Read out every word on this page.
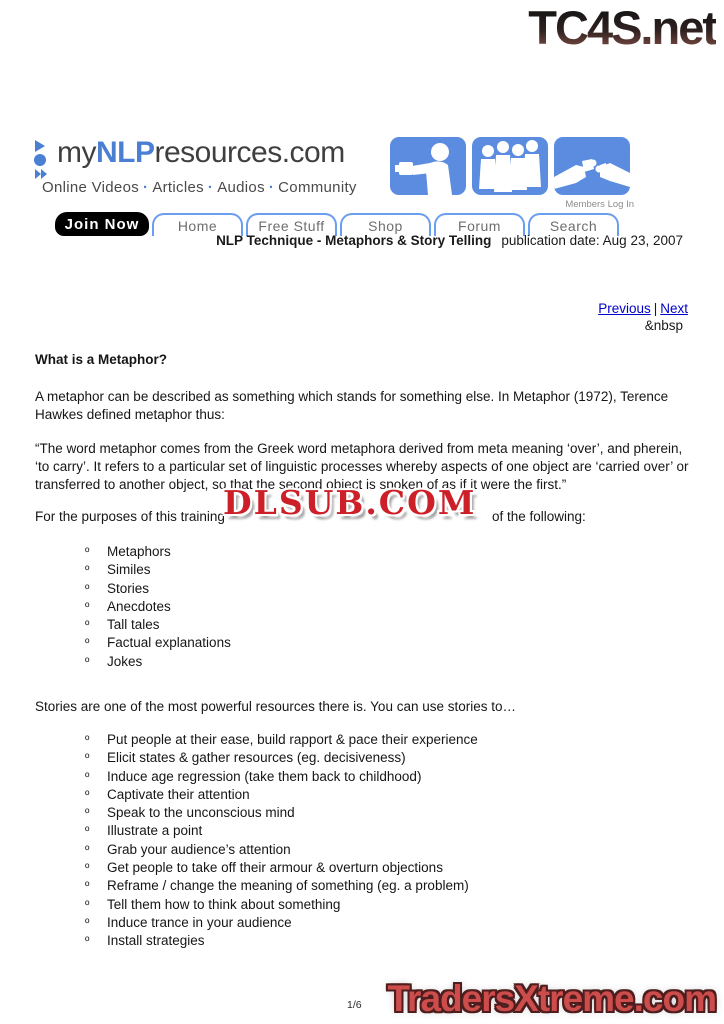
TC4S.net
myNLPresources.com
Online Videos · Articles · Audios · Community
Members Log In
Join Now	Home	Free Stuff	Shop	Forum	Search
NLP Technique - Metaphors & Story Telling publication date: Aug 23, 2007
Previous | Next
&nbsp
What is a Metaphor?
A metaphor can be described as something which stands for something else. In Metaphor (1972), Terence Hawkes defined metaphor thus:
“The word metaphor comes from the Greek word metaphora derived from meta meaning ‘over’, and pherein, ‘to carry’. It refers to a particular set of linguistic processes whereby aspects of one object are ‘carried over’ or transferred to another object, so that the second object is spoken of as if it were the first.”
For the purposes of this training	of the following:
DLSUB.COM
º Metaphors
º Similes
º Stories
º Anecdotes
º Tall tales
º Factual explanations
º Jokes
Stories are one of the most powerful resources there is. You can use stories to…
º Put people at their ease, build rapport & pace their experience
º Elicit states & gather resources (eg. decisiveness)
º Induce age regression (take them back to childhood)
º Captivate their attention
º Speak to the unconscious mind
º Illustrate a point
º Grab your audience’s attention
º Get people to take off their armour & overturn objections
º Reframe / change the meaning of something (eg. a problem)
º Tell them how to think about something
º Induce trance in your audience
º Install strategies
1/6 TradersXtreme.com
